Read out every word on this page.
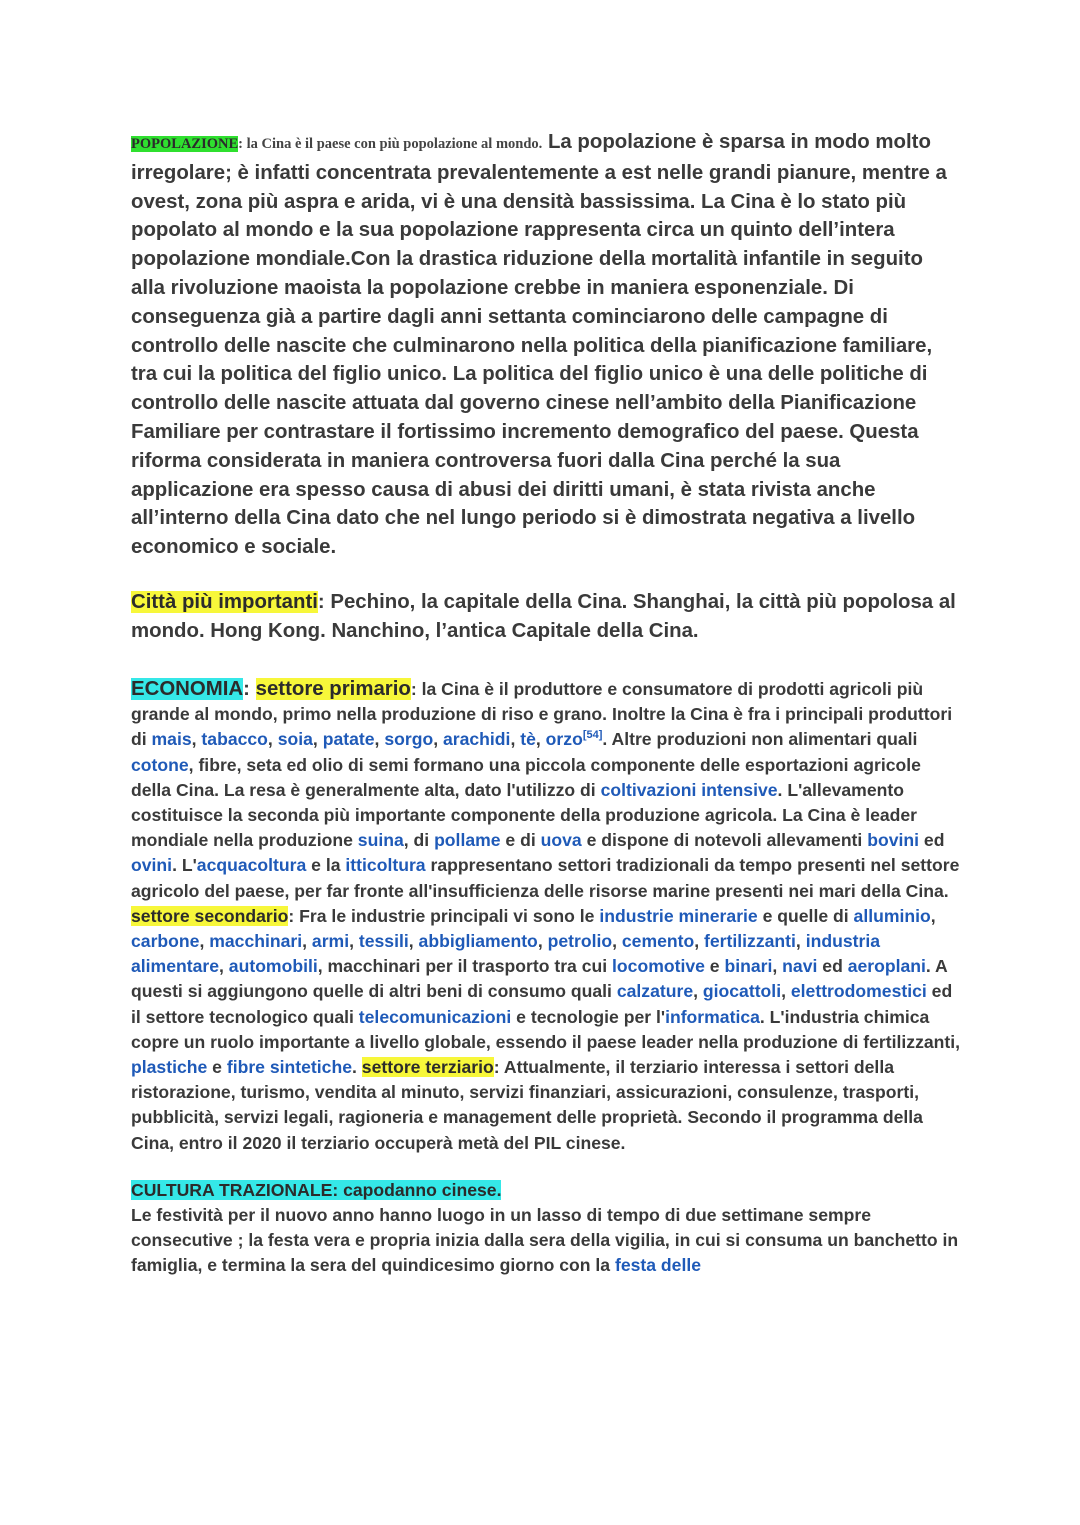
POPOLAZIONE: la Cina è il paese con più popolazione al mondo. La popolazione è sparsa in modo molto irregolare; è infatti concentrata prevalentemente a est nelle grandi pianure, mentre a ovest, zona più aspra e arida, vi è una densità bassissima. La Cina è lo stato più popolato al mondo e la sua popolazione rappresenta circa un quinto dell’intera popolazione mondiale.Con la drastica riduzione della mortalità infantile in seguito alla rivoluzione maoista la popolazione crebbe in maniera esponenziale. Di conseguenza già a partire dagli anni settanta cominciarono delle campagne di controllo delle nascite che culminarono nella politica della pianificazione familiare, tra cui la politica del figlio unico. La politica del figlio unico è una delle politiche di controllo delle nascite attuata dal governo cinese nell’ambito della Pianificazione Familiare per contrastare il fortissimo incremento demografico del paese. Questa riforma considerata in maniera controversa fuori dalla Cina perché la sua applicazione era spesso causa di abusi dei diritti umani, è stata rivista anche all’interno della Cina dato che nel lungo periodo si è dimostrata negativa a livello economico e sociale.

Città più importanti: Pechino, la capitale della Cina. Shanghai, la città più popolosa al mondo. Hong Kong. Nanchino, l’antica Capitale della Cina.

ECONOMIA: settore primario: la Cina è il produttore e consumatore di prodotti agricoli più grande al mondo, primo nella produzione di riso e grano. Inoltre la Cina è fra i principali produttori di mais, tabacco, soia, patate, sorgo, arachidi, tè, orzo[54]. Altre produzioni non alimentari quali cotone, fibre, seta ed olio di semi formano una piccola componente delle esportazioni agricole della Cina. La resa è generalmente alta, dato l'utilizzo di coltivazioni intensive. L'allevamento costituisce la seconda più importante componente della produzione agricola. La Cina è leader mondiale nella produzione suina, di pollame e di uova e dispone di notevoli allevamenti bovini ed ovini. L'acquacoltura e la itticoltura rappresentano settori tradizionali da tempo presenti nel settore agricolo del paese, per far fronte all'insufficienza delle risorse marine presenti nei mari della Cina. settore secondario: Fra le industrie principali vi sono le industrie minerarie e quelle di alluminio, carbone, macchinari, armi, tessili, abbigliamento, petrolio, cemento, fertilizzanti, industria alimentare, automobili, macchinari per il trasporto tra cui locomotive e binari, navi ed aeroplani. A questi si aggiungono quelle di altri beni di consumo quali calzature, giocattoli, elettrodomestici ed il settore tecnologico quali telecomunicazioni e tecnologie per l'informatica. L'industria chimica copre un ruolo importante a livello globale, essendo il paese leader nella produzione di fertilizzanti, plastiche e fibre sintetiche. settore terziario: Attualmente, il terziario interessa i settori della ristorazione, turismo, vendita al minuto, servizi finanziari, assicurazioni, consulenze, trasporti, pubblicità, servizi legali, ragioneria e management delle proprietà. Secondo il programma della Cina, entro il 2020 il terziario occuperà metà del PIL cinese.

CULTURA TRAZIONALE: capodanno cinese.
Le festività per il nuovo anno hanno luogo in un lasso di tempo di due settimane sempre consecutive ; la festa vera e propria inizia dalla sera della vigilia, in cui si consuma un banchetto in famiglia, e termina la sera del quindicesimo giorno con la festa delle
